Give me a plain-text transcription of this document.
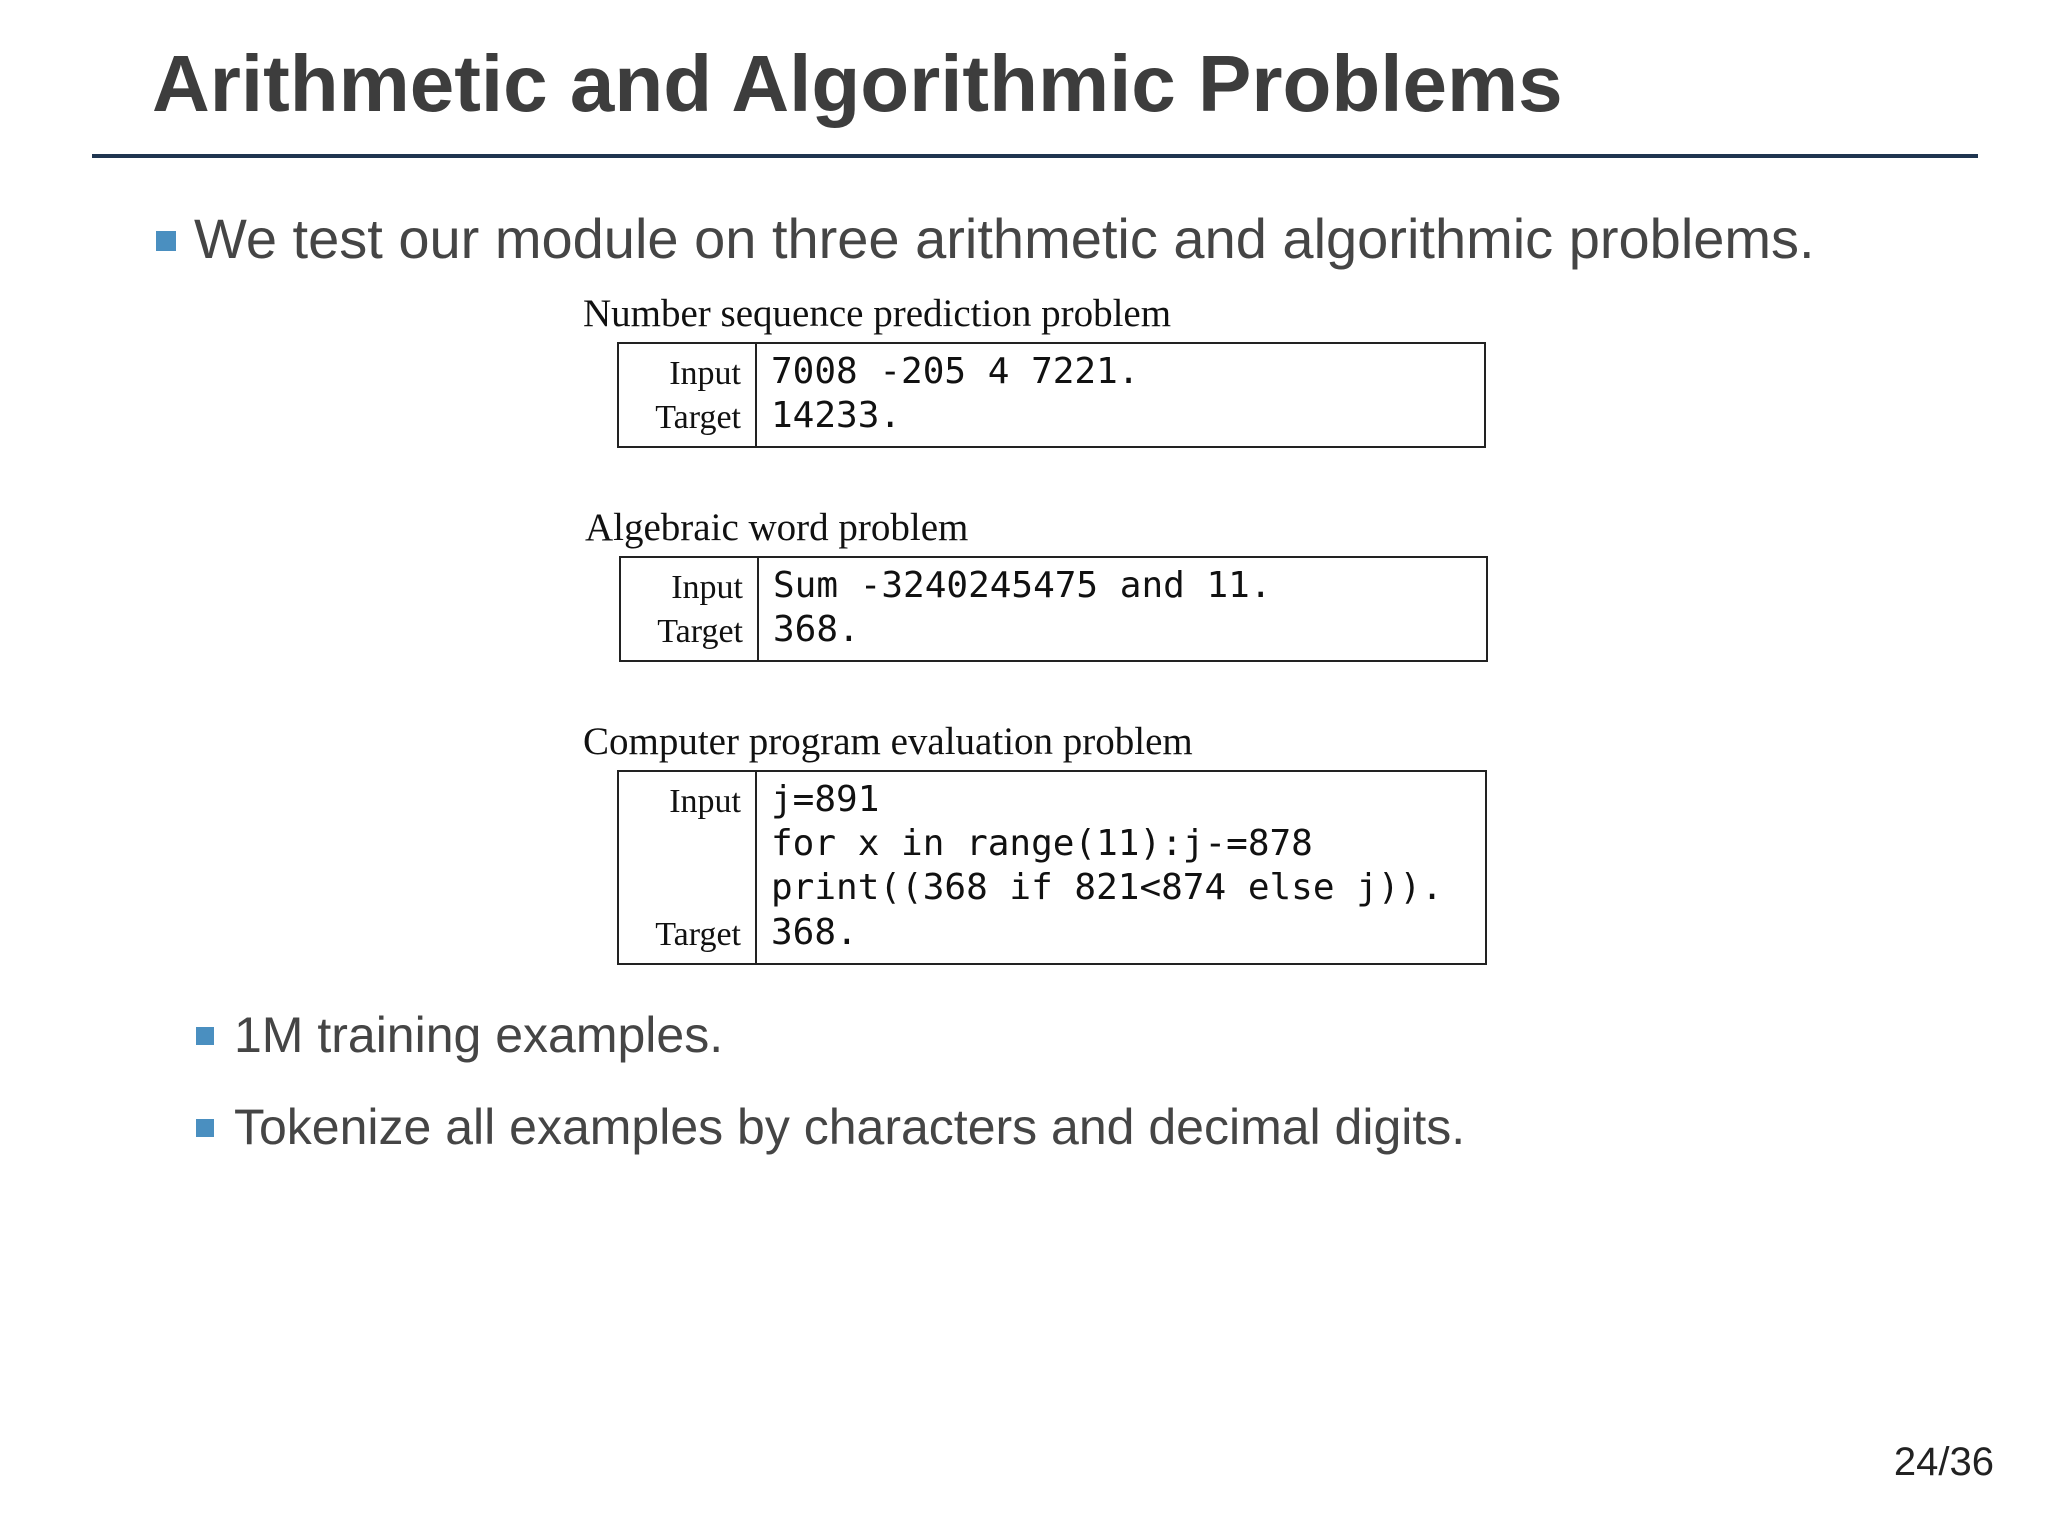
Arithmetic and Algorithmic Problems
We test our module on three arithmetic and algorithmic problems.
Number sequence prediction problem
Input
Target
7008 -205 4 7221.
14233.
Algebraic word problem
Input
Target
Sum -3240245475 and 11.
368.
Computer program evaluation problem
Input
Target
j=891
for x in range(11):j-=878
print((368 if 821<874 else j)).
368.
1M training examples.
Tokenize all examples by characters and decimal digits.
24/36
